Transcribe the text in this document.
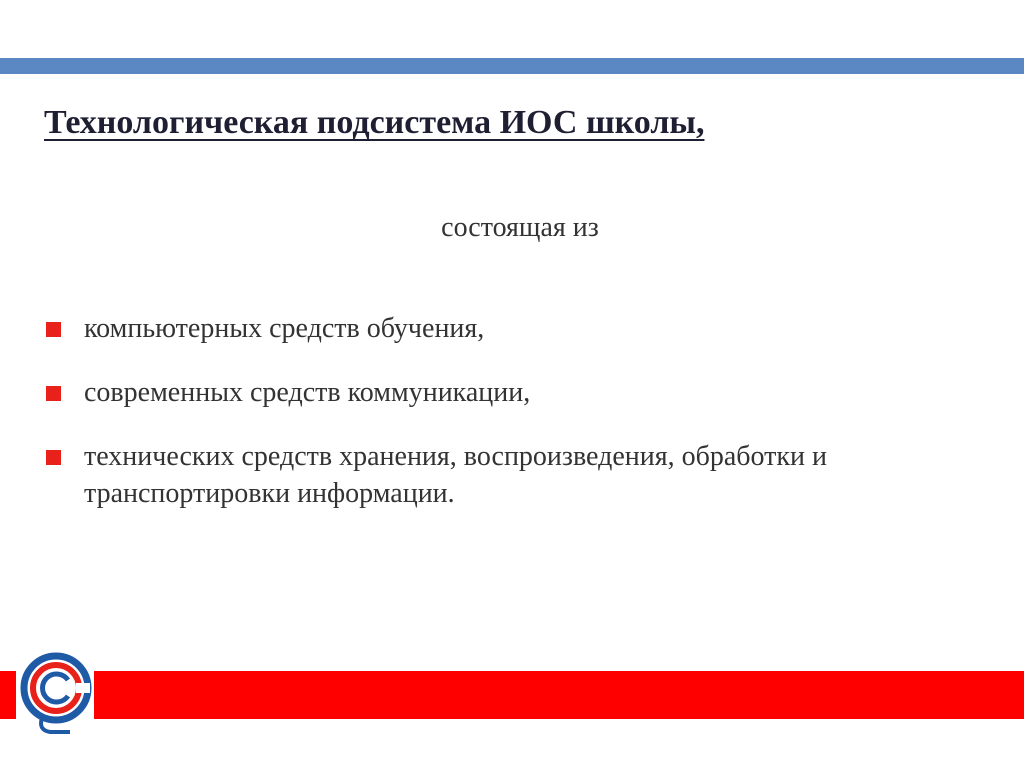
Технологическая подсистема ИОС школы,
состоящая из
компьютерных средств обучения,
современных средств коммуникации,
технических средств хранения, воспроизведения, обработки и транспортировки информации.
